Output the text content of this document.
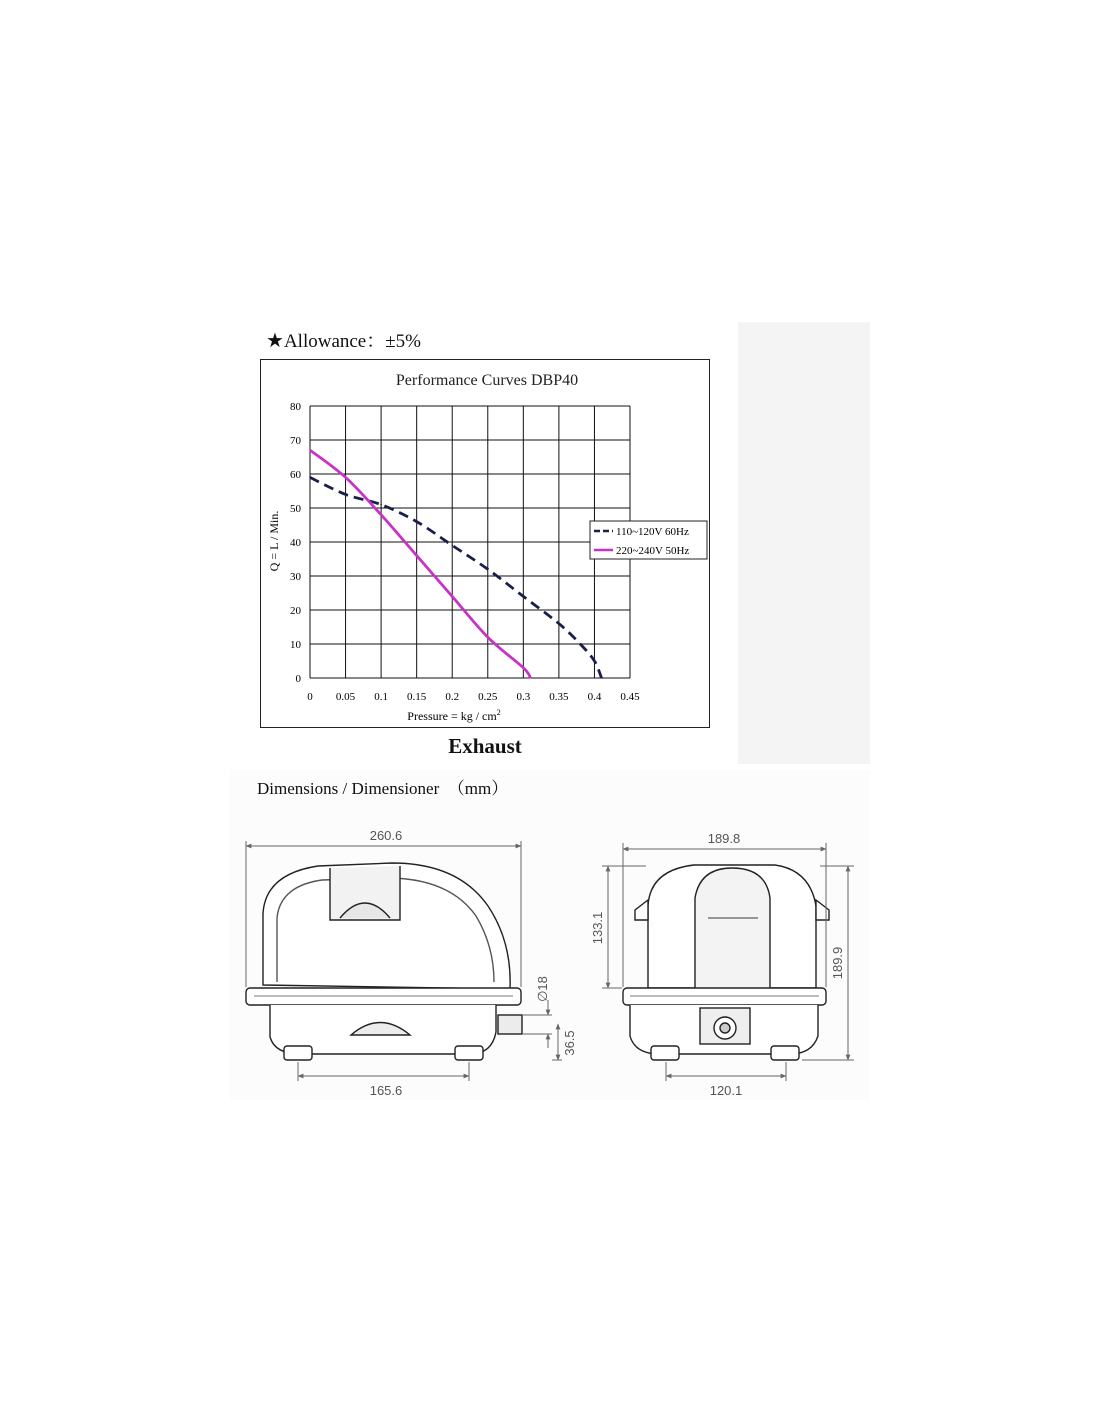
★Allowance：±5%
Performance Curves DBP40
0
10
20
30
40
50
60
70
80
0 0.05 0.1 0.15 0.2 0.25 0.3 0.35 0.4 0.45
Q = L / Min.
Pressure = kg / $cm^2$
110~120V 60Hz
220~240V 50Hz
Exhaust
Dimensions / Dimensioner　（mm）
260.6
165.6
∅18
36.5
189.8
120.1
133.1
189.9
